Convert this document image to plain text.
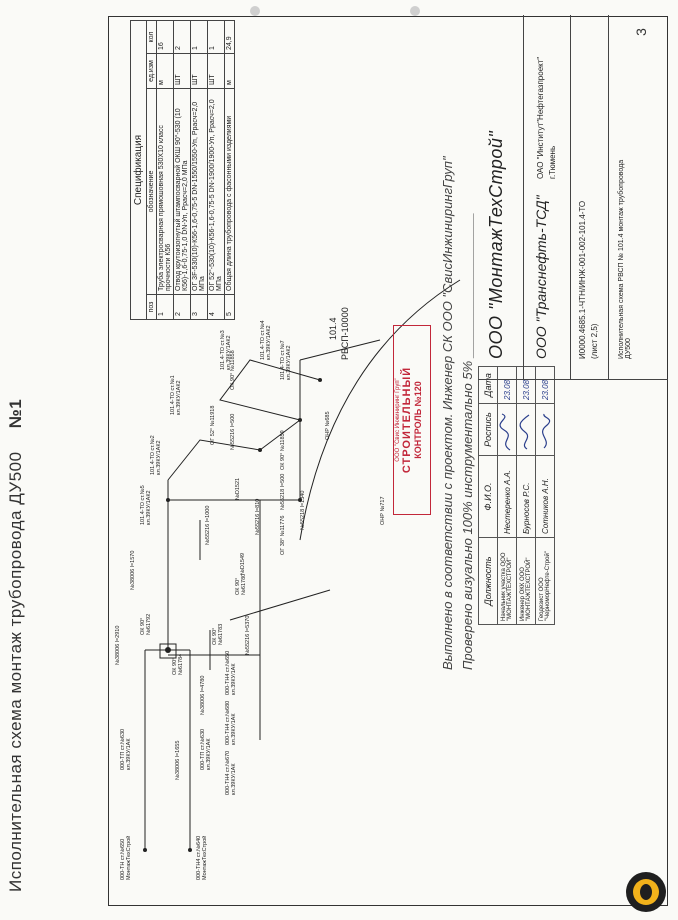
3
Исполнительная схема монтаж трубопровода ДУ500 №1
000-ТН ст.№650 МонтажТехСтрой	000-ТН4 ст.№640 МонтажТехСтрой
000-ТП ст.№630 кл.39КУ/1АК	000-ТП ст.№630 кл.39КУ/1АК
№38006 l=1655
№38006 l=2910
№38006 l=1570
№38006 l=4780
ОК 90° №61792
ОК 90° №61784
ОК 90° №61783
ОК 90° №61780
№55216 l=5370
№55216 l=1000	№55216 l=810	№55218 l=1340
№55218 l=500
№55216 l=500
№D1549
№D1521
ОГ 52° №11918
ОГ 38° №11776
ОК 90° №11858
ОК 90° №11859
ОНР №685
ОНР №717
101.4-ТО ст.№1 кл.39КУ/1АК2
101.4-ТО ст.№2 кл.39КУ/1АК2
101.4-ТО ст.№3 кл.39КУ/1АК2	101.4-ТО ст.№4 кл.39КУ/1АК2
101.4-ТО ст.№5 кл.39КУ/1АК2
101.4-ТО ст.№7 кл.39КУ/1АК2
000-ТН4 ст.№680 кл.39КУ/1АК
000-ТН4 ст.№670 кл.39КУ/1АК
000-ТН4 ст.№650 кл.39КУ/1АК
101.4 РВСП-10000
Спецификация			
поз	обозначение	ед.изм	кол
1	Труба электросварная прямошовная 530Х10 класс прочности К56	м	16
2	Отвод крутоизогнутый штампосварной ОКШ 90°-530 (10 К56)-1,6-0,75-1,0 DN-Уп, Ррасч=2,0 МПа	ШТ	2
3	ОГ 3F-530(10)-К56-1,6-0,75-5 DN-1550/1550-Уп, Ррасч=2,0 МПа	ШТ	1
4	ОГ 52°-530(10)-К56-1,6-0,75-5 DN-1900/1900-Уп, Ррасч=2,0 МПа	ШТ	1
5	Общая длина трубопровода с фасонными изделиями	м	24,9
Выполнено в соответствии с проектом. Инженер СК ООО "СвисИнжинирингГруп" Проверено визуально 100% инструментально 5% ____________________
ООО "Свис Инжиниринг Груп" СТРОИТЕЛЬНЫЙ КОНТРОЛЬ №120
Должность	Ф.И.О.	Роспись	Дата
Начальник участка ООО "МОНТАЖТЕХСТРОЙ"	Нестеренко А.А.		23.08
Инженер ОКК ООО "МОНТАЖТЕХСТРОЙ"	Бурносов Р.С.		23.08
Геодезист ООО "ЧерноморНефте-Строй"	Сотников А.Н.		23.08
ООО "МонтажТехСтрой" ООО "Транснефть-ТСД"
ОАО "Институт"Нефтегазпроект" г.Тюмень
И0000.4685.1-ЧТН/ИНЖ-001-002-101.4-ТО (лист 2,5)	Исполнительная схема РВСП № 101.4 монтаж трубопровода ДУ500
